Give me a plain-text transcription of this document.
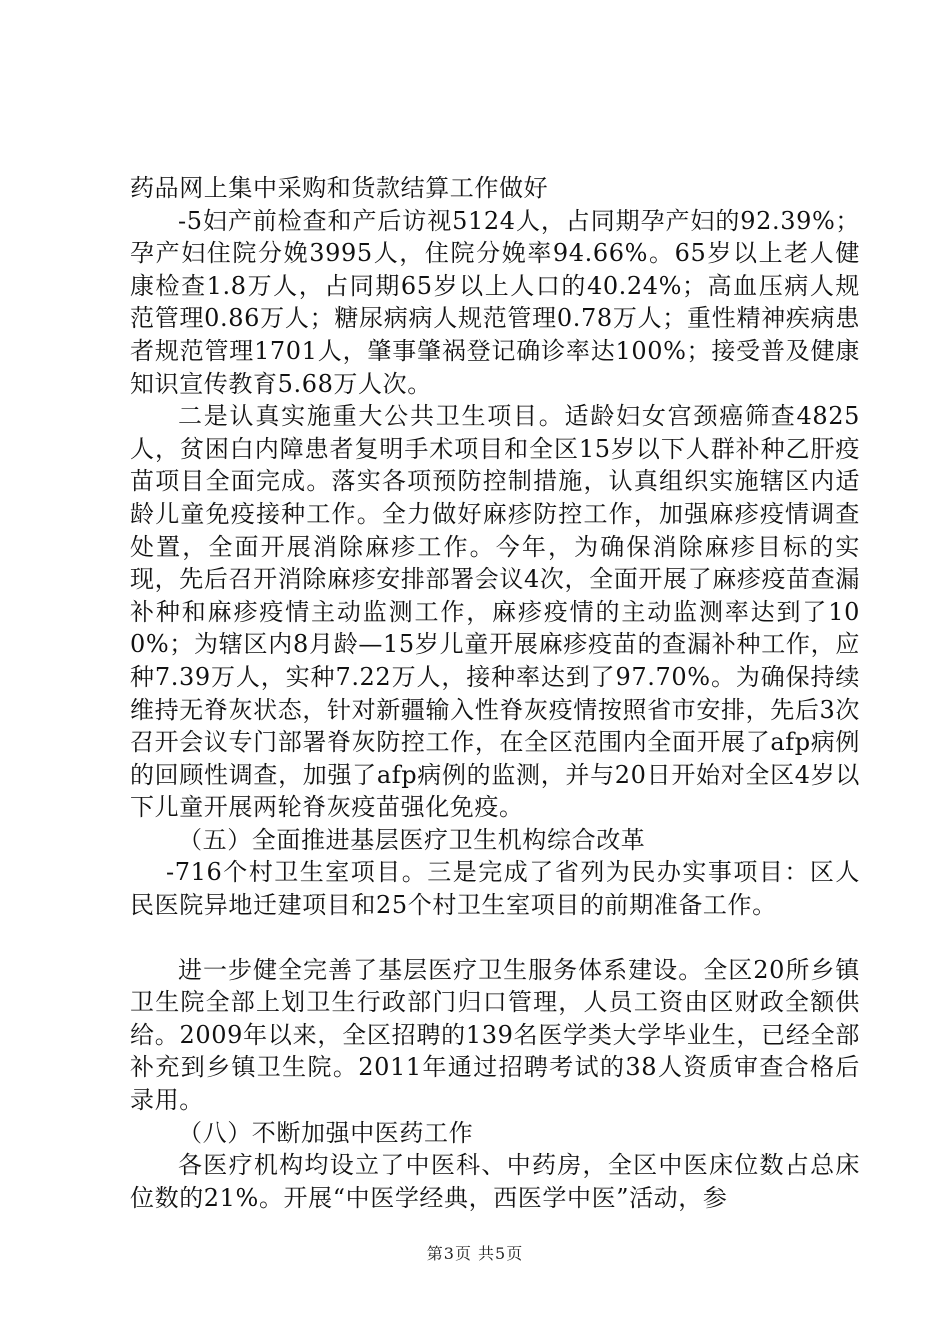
药品网上集中采购和货款结算工作做好

-5妇产前检查和产后访视5124人，占同期孕产妇的92.39%；孕产妇住院分娩3995人，住院分娩率94.66%。65岁以上老人健康检查1.8万人，占同期65岁以上人口的40.24%；高血压病人规范管理0.86万人；糖尿病病人规范管理0.78万人；重性精神疾病患者规范管理1701人，肇事肇祸登记确诊率达100%；接受普及健康知识宣传教育5.68万人次。

二是认真实施重大公共卫生项目。适龄妇女宫颈癌筛查4825人，贫困白内障患者复明手术项目和全区15岁以下人群补种乙肝疫苗项目全面完成。落实各项预防控制措施，认真组织实施辖区内适龄儿童免疫接种工作。全力做好麻疹防控工作，加强麻疹疫情调查处置，全面开展消除麻疹工作。今年，为确保消除麻疹目标的实现，先后召开消除麻疹安排部署会议4次，全面开展了麻疹疫苗查漏补种和麻疹疫情主动监测工作，麻疹疫情的主动监测率达到了100%；为辖区内8月龄—15岁儿童开展麻疹疫苗的查漏补种工作，应种7.39万人，实种7.22万人，接种率达到了97.70%。为确保持续维持无脊灰状态，针对新疆输入性脊灰疫情按照省市安排，先后3次召开会议专门部署脊灰防控工作，在全区范围内全面开展了afp病例的回顾性调查，加强了afp病例的监测，并与20日开始对全区4岁以下儿童开展两轮脊灰疫苗强化免疫。

（五）全面推进基层医疗卫生机构综合改革

-716个村卫生室项目。三是完成了省列为民办实事项目：区人民医院异地迁建项目和25个村卫生室项目的前期准备工作。

进一步健全完善了基层医疗卫生服务体系建设。全区20所乡镇卫生院全部上划卫生行政部门归口管理，人员工资由区财政全额供给。2009年以来，全区招聘的139名医学类大学毕业生，已经全部补充到乡镇卫生院。2011年通过招聘考试的38人资质审查合格后录用。

（八）不断加强中医药工作

各医疗机构均设立了中医科、中药房，全区中医床位数占总床位数的21%。开展“中医学经典，西医学中医”活动，参

第3页 共5页
